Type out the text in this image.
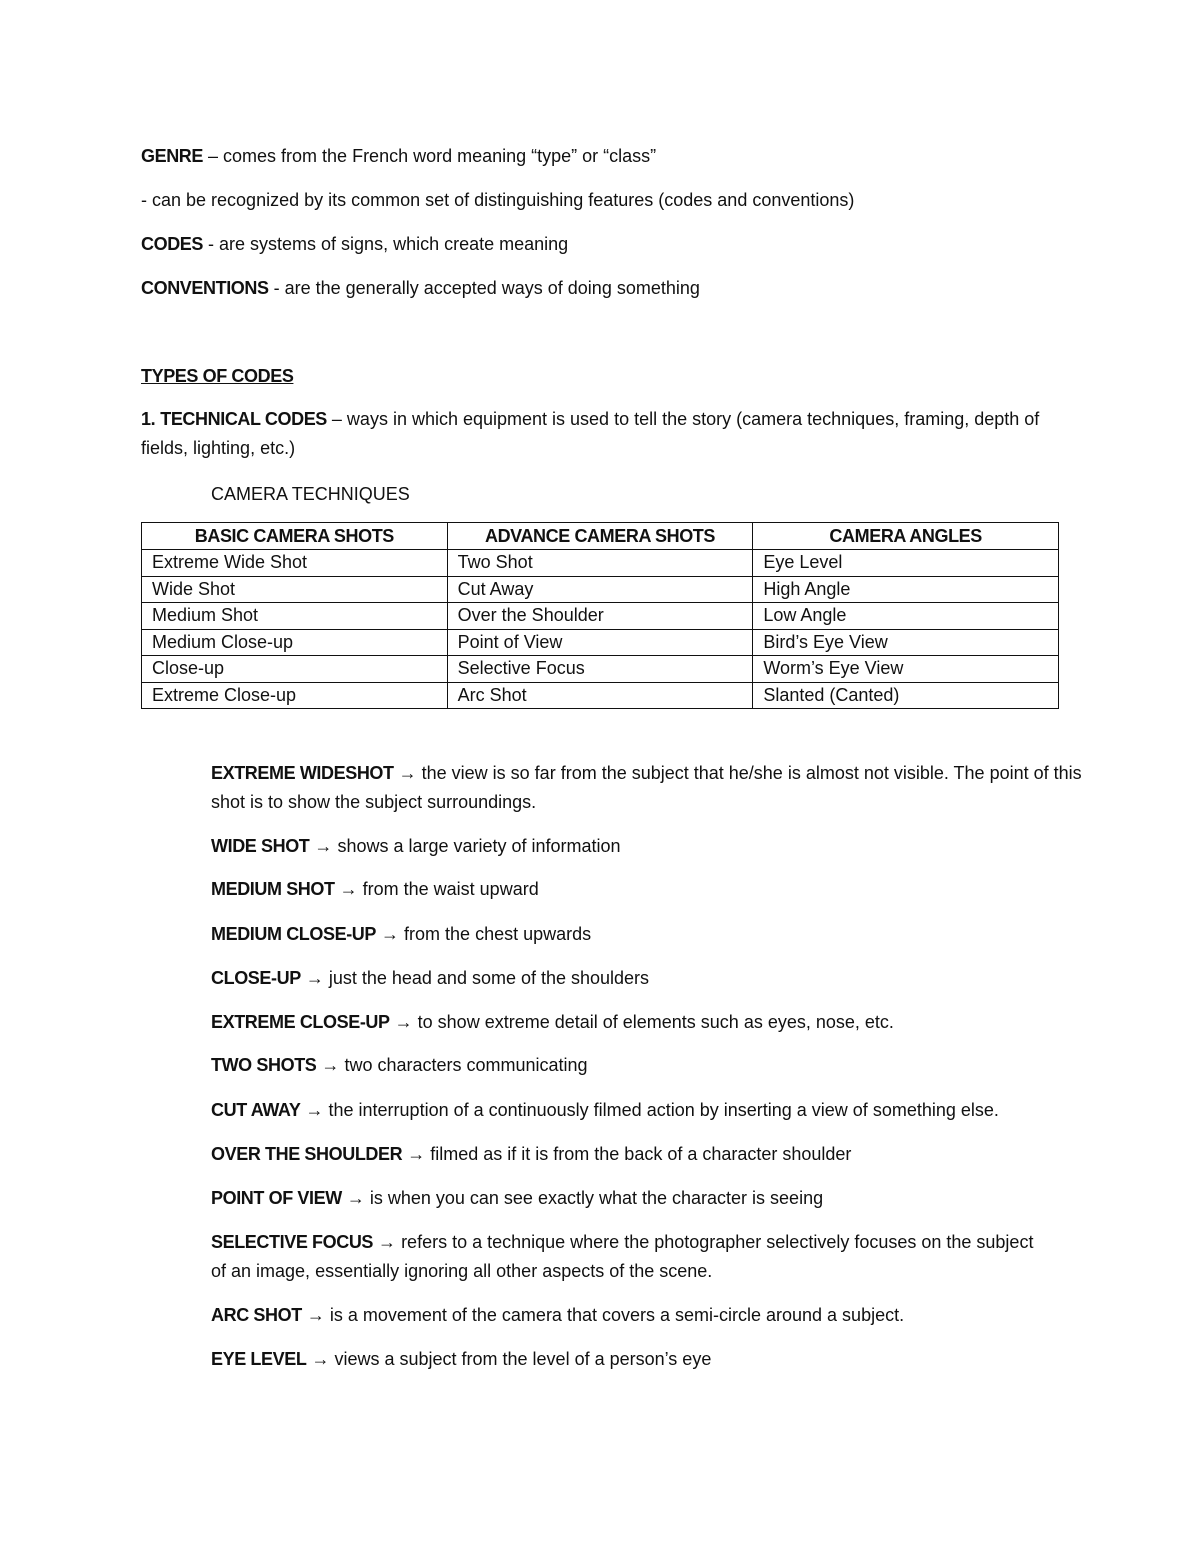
GENRE – comes from the French word meaning “type” or “class”
- can be recognized by its common set of distinguishing features (codes and conventions)
CODES - are systems of signs, which create meaning
CONVENTIONS - are the generally accepted ways of doing something
TYPES OF CODES
1. TECHNICAL CODES – ways in which equipment is used to tell the story (camera techniques, framing, depth of fields, lighting, etc.)
CAMERA TECHNIQUES
BASIC CAMERA SHOTS	ADVANCE CAMERA SHOTS	CAMERA ANGLES
Extreme Wide Shot	Two Shot	Eye Level
Wide Shot	Cut Away	High Angle
Medium Shot	Over the Shoulder	Low Angle
Medium Close-up	Point of View	Bird’s Eye View
Close-up	Selective Focus	Worm’s Eye View
Extreme Close-up	Arc Shot	Slanted (Canted)
EXTREME WIDESHOT → the view is so far from the subject that he/she is almost not visible. The point of this shot is to show the subject surroundings.
WIDE SHOT → shows a large variety of information
MEDIUM SHOT → from the waist upward
MEDIUM CLOSE-UP → from the chest upwards
CLOSE-UP → just the head and some of the shoulders
EXTREME CLOSE-UP → to show extreme detail of elements such as eyes, nose, etc.
TWO SHOTS → two characters communicating
CUT AWAY → the interruption of a continuously filmed action by inserting a view of something else.
OVER THE SHOULDER → filmed as if it is from the back of a character shoulder
POINT OF VIEW → is when you can see exactly what the character is seeing
SELECTIVE FOCUS → refers to a technique where the photographer selectively focuses on the subject of an image, essentially ignoring all other aspects of the scene.
ARC SHOT → is a movement of the camera that covers a semi-circle around a subject.
EYE LEVEL → views a subject from the level of a person’s eye
